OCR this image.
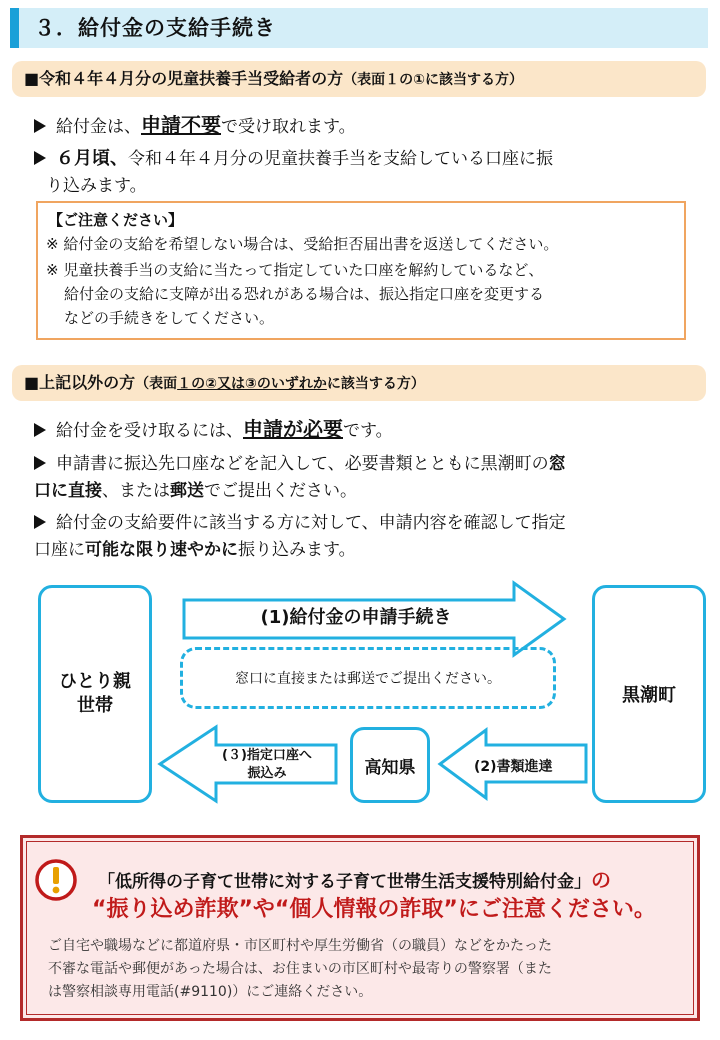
３．給付金の支給手続き
■令和４年４月分の児童扶養手当受給者の方（表面１の①に該当する方）
給付金は、申請不要で受け取れます。
６月頃、令和４年４月分の児童扶養手当を支給している口座に振
り込みます。
【ご注意ください】
※ 給付金の支給を希望しない場合は、受給拒否届出書を返送してください。
※ 児童扶養手当の支給に当たって指定していた口座を解約しているなど、
給付金の支給に支障が出る恐れがある場合は、振込指定口座を変更する
などの手続きをしてください。
■上記以外の方（表面１の②又は③のいずれかに該当する方）
給付金を受け取るには、申請が必要です。
申請書に振込先口座などを記入して、必要書類とともに黒潮町の窓
口に直接、または郵送でご提出ください。
給付金の支給要件に該当する方に対して、申請内容を確認して指定
口座に可能な限り速やかに振り込みます。
ひとり親
世帯	黒潮町
高知県
(1)給付金の申請手続き
窓口に直接または郵送でご提出ください。
(2)書類進達
(３)指定口座へ
振込み
「低所得の子育て世帯に対する子育て世帯生活支援特別給付金」の
“振り込め詐欺”や“個人情報の詐取”にご注意ください。
ご自宅や職場などに都道府県・市区町村や厚生労働省（の職員）などをかたった
不審な電話や郵便があった場合は、お住まいの市区町村や最寄りの警察署（また
は警察相談専用電話(#9110)）にご連絡ください。
